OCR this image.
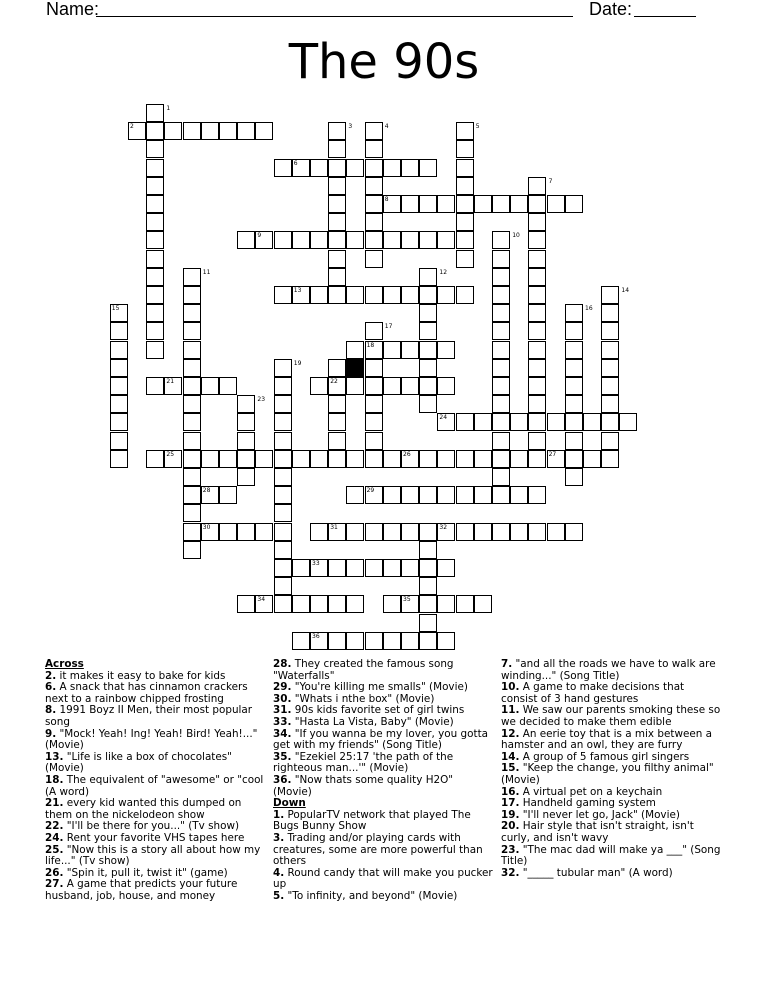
Name:	Date:
The 90s
1
2	3	4	5
6
7
8
9	10
11	12
13	14
15	16
17
18
19	20
21	22
23
24
25	26	27
28	29
30	31	32
33
34	35
36
Across
2. it makes it easy to bake for kids
6. A snack that has cinnamon crackers next to a rainbow chipped frosting
8. 1991 Boyz II Men, their most popular song
9. "Mock! Yeah! Ing! Yeah! Bird! Yeah!..." (Movie)
13. "Life is like a box of chocolates" (Movie)
18. The equivalent of "awesome" or "cool (A word)
21. every kid wanted this dumped on them on the nickelodeon show
22. "I'll be there for you..." (Tv show)
24. Rent your favorite VHS tapes here
25. "Now this is a story all about how my life..." (Tv show)
26. "Spin it, pull it, twist it" (game)
27. A game that predicts your future husband, job, house, and money
28. They created the famous song "Waterfalls"
29. "You're killing me smalls" (Movie)
30. "Whats i nthe box" (Movie)
31. 90s kids favorite set of girl twins
33. "Hasta La Vista, Baby" (Movie)
34. "If you wanna be my lover, you gotta get with my friends" (Song Title)
35. "Ezekiel 25:17 'the path of the righteous man...'" (Movie)
36. "Now thats some quality H2O" (Movie)
Down
1. PopularTV network that played The Bugs Bunny Show
3. Trading and/or playing cards with creatures, some are more powerful than others
4. Round candy that will make you pucker up
5. "To infinity, and beyond" (Movie)
7. "and all the roads we have to walk are winding..." (Song Title)
10. A game to make decisions that consist of 3 hand gestures
11. We saw our parents smoking these so we decided to make them edible
12. An eerie toy that is a mix between a hamster and an owl, they are furry
14. A group of 5 famous girl singers
15. "Keep the change, you filthy animal" (Movie)
16. A virtual pet on a keychain
17. Handheld gaming system
19. "I'll never let go, Jack" (Movie)
20. Hair style that isn't straight, isn't curly, and isn't wavy
23. "The mac dad will make ya ___" (Song Title)
32. "_____ tubular man" (A word)
